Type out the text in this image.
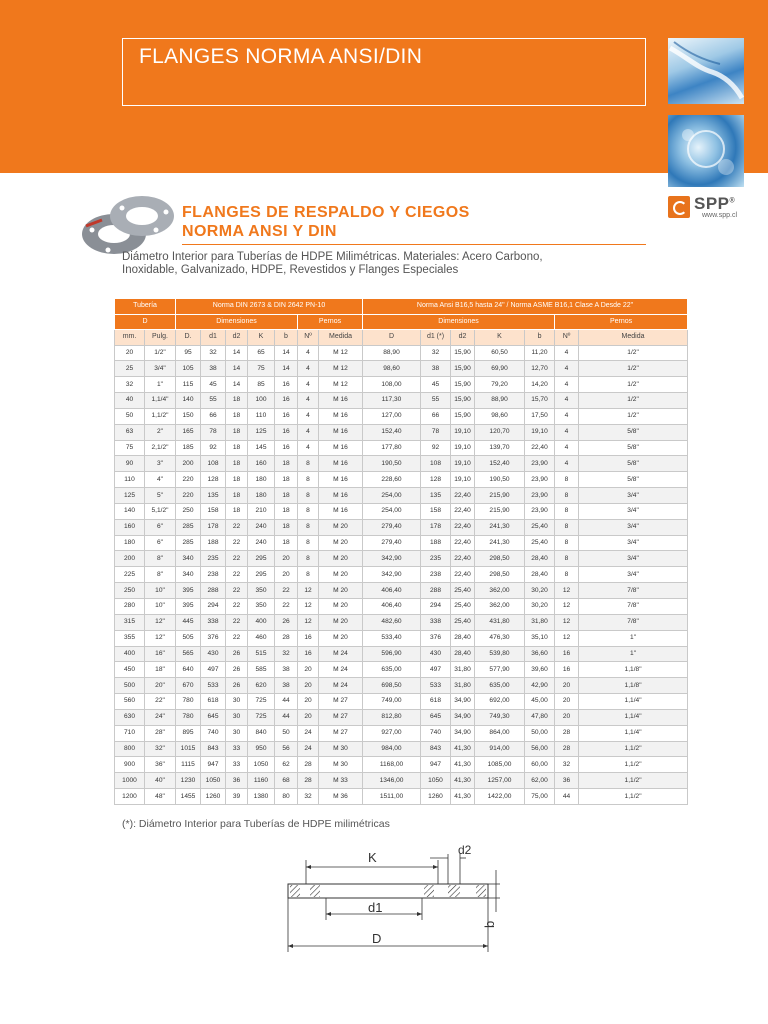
FLANGES NORMA ANSI/DIN
SPP®
www.spp.cl
FLANGES DE RESPALDO Y CIEGOS
NORMA ANSI Y DIN
Diámetro Interior para Tuberías de HDPE Milimétricas. Materiales: Acero Carbono,
Inoxidable, Galvanizado, HDPE, Revestidos y Flanges Especiales
Tubería		Norma DIN 2673 & DIN 2642 PN-10							Norma Ansi B16,5 hasta 24" / Norma ASME B16,1 Clase A Desde 22"						
D		Dimensiones					Pernos		Dimensiones					Pernos	
mm.	Pulg.	D.	d1	d2	K	b	Nº	Medida	D	d1 (*)	d2	K	b	Nº	Medida
20	1/2"	95	32	14	65	14	4	M 12	88,90	32	15,90	60,50	11,20	4	1/2"
25	3/4"	105	38	14	75	14	4	M 12	98,60	38	15,90	69,90	12,70	4	1/2"
32	1"	115	45	14	85	16	4	M 12	108,00	45	15,90	79,20	14,20	4	1/2"
40	1,1/4"	140	55	18	100	16	4	M 16	117,30	55	15,90	88,90	15,70	4	1/2"
50	1,1/2"	150	66	18	110	16	4	M 16	127,00	66	15,90	98,60	17,50	4	1/2"
63	2"	165	78	18	125	16	4	M 16	152,40	78	19,10	120,70	19,10	4	5/8"
75	2,1/2"	185	92	18	145	16	4	M 16	177,80	92	19,10	139,70	22,40	4	5/8"
90	3"	200	108	18	160	18	8	M 16	190,50	108	19,10	152,40	23,90	4	5/8"
110	4"	220	128	18	180	18	8	M 16	228,60	128	19,10	190,50	23,90	8	5/8"
125	5"	220	135	18	180	18	8	M 16	254,00	135	22,40	215,90	23,90	8	3/4"
140	5,1/2"	250	158	18	210	18	8	M 16	254,00	158	22,40	215,90	23,90	8	3/4"
160	6"	285	178	22	240	18	8	M 20	279,40	178	22,40	241,30	25,40	8	3/4"
180	6"	285	188	22	240	18	8	M 20	279,40	188	22,40	241,30	25,40	8	3/4"
200	8"	340	235	22	295	20	8	M 20	342,90	235	22,40	298,50	28,40	8	3/4"
225	8"	340	238	22	295	20	8	M 20	342,90	238	22,40	298,50	28,40	8	3/4"
250	10"	395	288	22	350	22	12	M 20	406,40	288	25,40	362,00	30,20	12	7/8"
280	10"	395	294	22	350	22	12	M 20	406,40	294	25,40	362,00	30,20	12	7/8"
315	12"	445	338	22	400	26	12	M 20	482,60	338	25,40	431,80	31,80	12	7/8"
355	12"	505	376	22	460	28	16	M 20	533,40	376	28,40	476,30	35,10	12	1"
400	16"	565	430	26	515	32	16	M 24	596,90	430	28,40	539,80	36,60	16	1"
450	18"	640	497	26	585	38	20	M 24	635,00	497	31,80	577,90	39,60	16	1,1/8"
500	20"	670	533	26	620	38	20	M 24	698,50	533	31,80	635,00	42,90	20	1,1/8"
560	22"	780	618	30	725	44	20	M 27	749,00	618	34,90	692,00	45,00	20	1,1/4"
630	24"	780	645	30	725	44	20	M 27	812,80	645	34,90	749,30	47,80	20	1,1/4"
710	28"	895	740	30	840	50	24	M 27	927,00	740	34,90	864,00	50,00	28	1,1/4"
800	32"	1015	843	33	950	56	24	M 30	984,00	843	41,30	914,00	56,00	28	1,1/2"
900	36"	1115	947	33	1050	62	28	M 30	1168,00	947	41,30	1085,00	60,00	32	1,1/2"
1000	40"	1230	1050	36	1160	68	28	M 33	1346,00	1050	41,30	1257,00	62,00	36	1,1/2"
1200	48"	1455	1260	39	1380	80	32	M 36	1511,00	1260	41,30	1422,00	75,00	44	1,1/2"
(*): Diámetro Interior para Tuberías de HDPE milimétricas
K	d2
d1
b
D
